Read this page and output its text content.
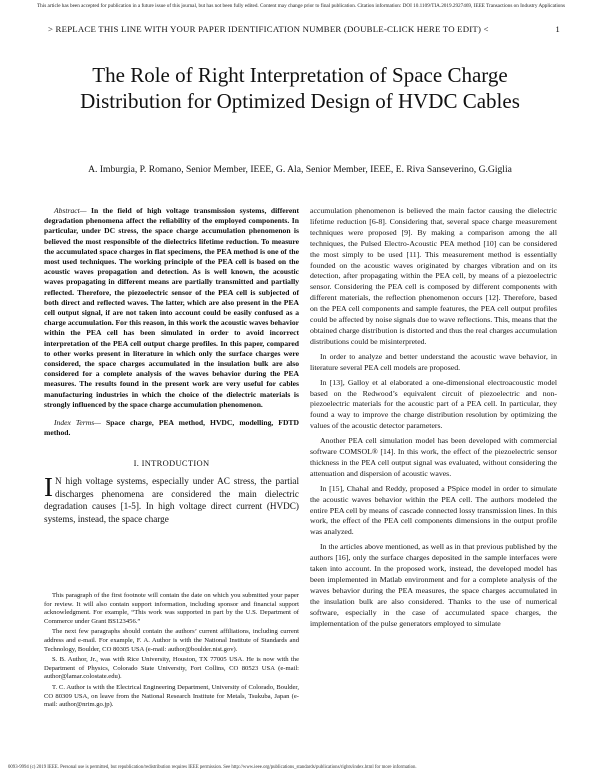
This article has been accepted for publication in a future issue of this journal, but has not been fully edited. Content may change prior to final publication. Citation information: DOI 10.1109/TIA.2019.2927469, IEEE Transactions on Industry Applications
> REPLACE THIS LINE WITH YOUR PAPER IDENTIFICATION NUMBER (DOUBLE-CLICK HERE TO EDIT) <	1
The Role of Right Interpretation of Space Charge Distribution for Optimized Design of HVDC Cables
A. Imburgia, P. Romano, Senior Member, IEEE, G. Ala, Senior Member, IEEE, E. Riva Sanseverino, G.Giglia
Abstract— In the field of high voltage transmission systems, different degradation phenomena affect the reliability of the employed components. In particular, under DC stress, the space charge accumulation phenomenon is believed the most responsible of the dielectrics lifetime reduction. To measure the accumulated space charges in flat specimens, the PEA method is one of the most used techniques. The working principle of the PEA cell is based on the acoustic waves propagation and detection. As is well known, the acoustic waves propagating in different means are partially transmitted and partially reflected. Therefore, the piezoelectric sensor of the PEA cell is subjected of both direct and reflected waves. The latter, which are also present in the PEA cell output signal, if are not taken into account could be easily confused as a charge accumulation. For this reason, in this work the acoustic waves behavior within the PEA cell has been simulated in order to avoid incorrect interpretation of the PEA cell output charge profiles. In this paper, compared to other works present in literature in which only the surface charges were considered, the space charges accumulated in the insulation bulk are also considered for a complete analysis of the waves behavior during the PEA measures. The results found in the present work are very useful for cables manufacturing industries in which the choice of the dielectric materials is strongly influenced by the space charge accumulation phenomenon.
Index Terms— Space charge, PEA method, HVDC, modelling, FDTD method.
I. INTRODUCTION
I N high voltage systems, especially under AC stress, the partial discharges phenomena are considered the main dielectric degradation causes [1-5]. In high voltage direct current (HVDC) systems, instead, the space charge

This paragraph of the first footnote will contain the date on which you submitted your paper for review. It will also contain support information, including sponsor and financial support acknowledgment. For example, “This work was supported in part by the U.S. Department of Commerce under Grant BS123456.”

The next few paragraphs should contain the authors’ current affiliations, including current address and e-mail. For example, F. A. Author is with the National Institute of Standards and Technology, Boulder, CO 80305 USA (e-mail: author@boulder.nist.gov).

S. B. Author, Jr., was with Rice University, Houston, TX 77005 USA. He is now with the Department of Physics, Colorado State University, Fort Collins, CO 80523 USA (e-mail: author@lamar.colostate.edu).

T. C. Author is with the Electrical Engineering Department, University of Colorado, Boulder, CO 80309 USA, on leave from the National Research Institute for Metals, Tsukuba, Japan (e-mail: author@nrim.go.jp).

accumulation phenomenon is believed the main factor causing the dielectric lifetime reduction [6-8]. Considering that, several space charge measurement techniques were proposed [9]. By making a comparison among the all techniques, the Pulsed Electro-Acoustic PEA method [10] can be considered the most simply to be used [11]. This measurement method is essentially founded on the acoustic waves originated by charges vibration and on its detection, after propagating within the PEA cell, by means of a piezoelectric sensor. Considering the PEA cell is composed by different components with different materials, the reflection phenomenon occurs [12]. Therefore, based on the PEA cell components and sample features, the PEA cell output profiles could be affected by noise signals due to wave reflections. This, means that the obtained charge distribution is distorted and thus the real charges accumulation distributions could be misinterpreted.

In order to analyze and better understand the acoustic wave behavior, in literature several PEA cell models are proposed.

In [13], Galloy et al elaborated a one-dimensional electroacoustic model based on the Redwood’s equivalent circuit of piezoelectric and non-piezoelectric materials for the acoustic part of a PEA cell. In particular, they found a way to improve the charge distribution resolution by optimizing the values of the acoustic detector parameters.

Another PEA cell simulation model has been developed with commercial software COMSOL® [14]. In this work, the effect of the piezoelectric sensor thickness in the PEA cell output signal was evaluated, without considering the attenuation and dispersion of acoustic waves.

In [15], Chahal and Reddy, proposed a PSpice model in order to simulate the acoustic waves behavior within the PEA cell. The authors modeled the entire PEA cell by means of cascade connected lossy transmission lines. In this work, the effect of the PEA cell components dimensions in the output profile was analyzed.

In the articles above mentioned, as well as in that previous published by the authors [16], only the surface charges deposited in the sample interfaces were taken into account. In the proposed work, instead, the developed model has been implemented in Matlab environment and for a complete analysis of the waves behavior during the PEA measures, the space charges accumulated in the insulation bulk are also considered. Thanks to the use of numerical software, especially in the case of accumulated space charges, the implementation of the pulse generators employed to simulate

0093-9994 (c) 2019 IEEE. Personal use is permitted, but republication/redistribution requires IEEE permission. See http://www.ieee.org/publications_standards/publications/rights/index.html for more information.
